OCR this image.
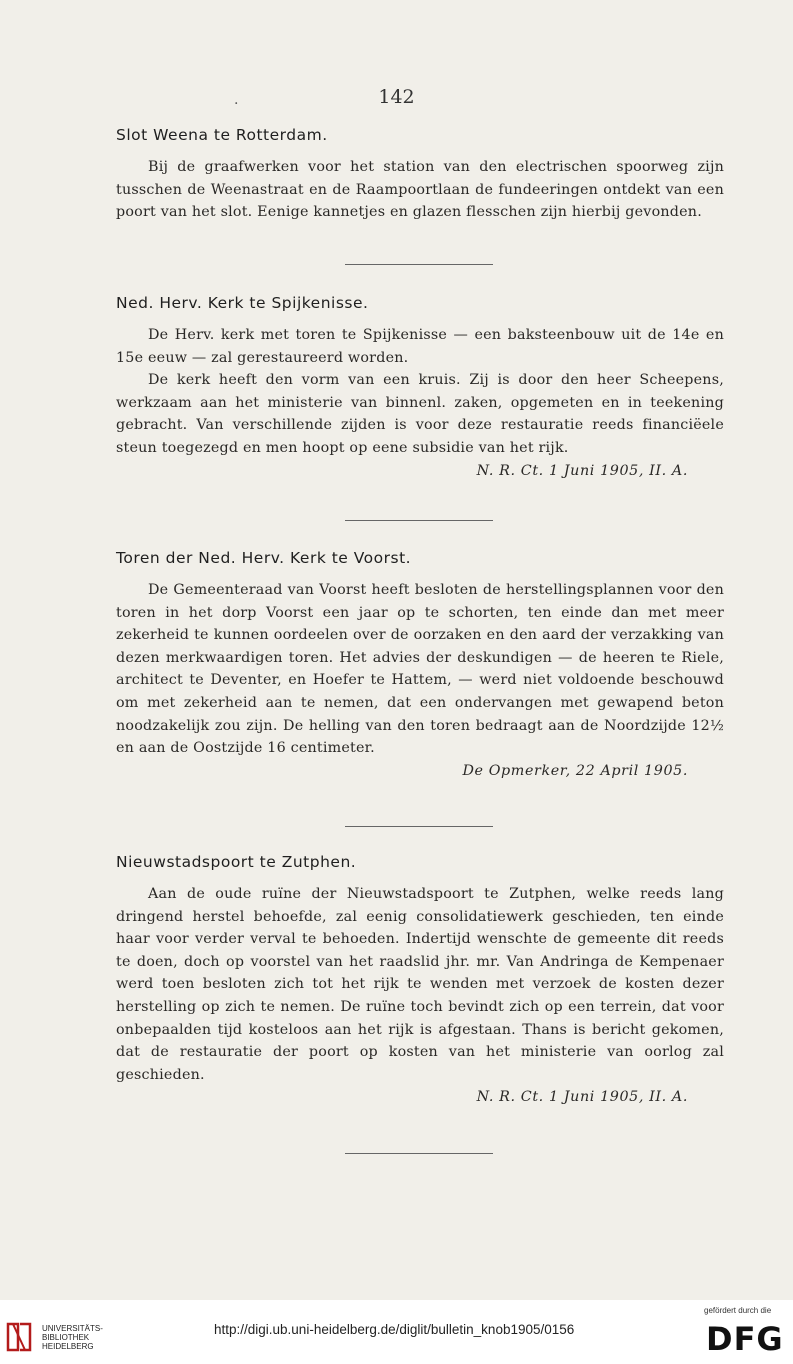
142
.
Slot Weena te Rotterdam.

Bij de graafwerken voor het station van den electrischen spoorweg zijn tusschen de Weenastraat en de Raampoortlaan de fundeeringen ontdekt van een poort van het slot. Eenige kannetjes en glazen flesschen zijn hierbij gevonden.

Ned. Herv. Kerk te Spijkenisse.

De Herv. kerk met toren te Spijkenisse — een baksteenbouw uit de 14e en 15e eeuw — zal gerestaureerd worden.

De kerk heeft den vorm van een kruis. Zij is door den heer Scheepens, werkzaam aan het ministerie van binnenl. zaken, opgemeten en in teekening gebracht. Van verschillende zijden is voor deze restauratie reeds financiëele steun toegezegd en men hoopt op eene subsidie van het rijk.

N. R. Ct. 1 Juni 1905, II. A.

Toren der Ned. Herv. Kerk te Voorst.

De Gemeenteraad van Voorst heeft besloten de herstellingsplannen voor den toren in het dorp Voorst een jaar op te schorten, ten einde dan met meer zekerheid te kunnen oordeelen over de oorzaken en den aard der verzakking van dezen merkwaardigen toren. Het advies der deskundigen — de heeren te Riele, architect te Deventer, en Hoefer te Hattem, — werd niet voldoende beschouwd om met zekerheid aan te nemen, dat een ondervangen met gewapend beton noodzakelijk zou zijn. De helling van den toren bedraagt aan de Noordzijde 12½ en aan de Oostzijde 16 centimeter.

De Opmerker, 22 April 1905.

Nieuwstadspoort te Zutphen.

Aan de oude ruïne der Nieuwstadspoort te Zutphen, welke reeds lang dringend herstel behoefde, zal eenig consolidatiewerk geschieden, ten einde haar voor verder verval te behoeden. Indertijd wenschte de gemeente dit reeds te doen, doch op voorstel van het raadslid jhr. mr. Van Andringa de Kempenaer werd toen besloten zich tot het rijk te wenden met verzoek de kosten dezer herstelling op zich te nemen. De ruïne toch bevindt zich op een terrein, dat voor onbepaalden tijd kosteloos aan het rijk is afgestaan. Thans is bericht gekomen, dat de restauratie der poort op kosten van het ministerie van oorlog zal geschieden.

N. R. Ct. 1 Juni 1905, II. A.

UNIVERSITÄTS-
BIBLIOTHEK
HEIDELBERG
http://digi.ub.uni-heidelberg.de/diglit/bulletin_knob1905/0156
gefördert durch die
DFG
